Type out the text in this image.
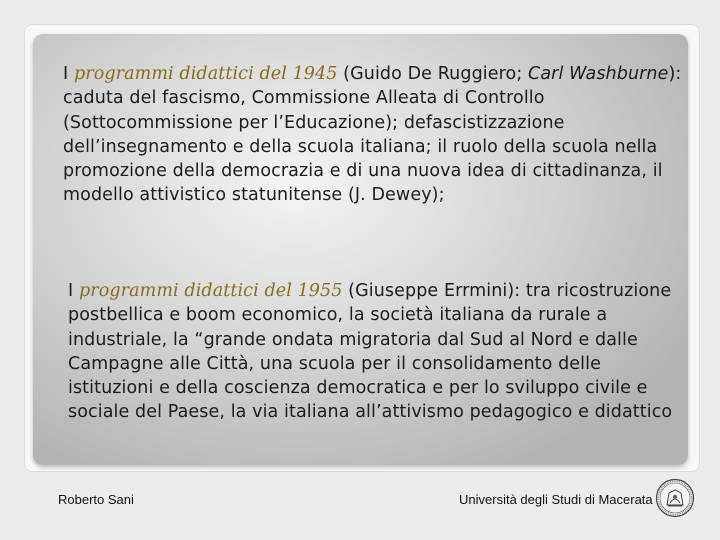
I programmi didattici del 1945 (Guido De Ruggiero; Carl Washburne): caduta del fascismo, Commissione Alleata di Controllo (Sottocommissione per l’Educazione); defascistizzazione dell’insegnamento e della scuola italiana; il ruolo della scuola nella promozione della democrazia e di una nuova idea di cittadinanza, il modello attivistico statunitense (J. Dewey);

I programmi didattici del 1955 (Giuseppe Errmini): tra ricostruzione postbellica e boom economico, la società italiana da rurale a industriale, la “grande ondata migratoria dal Sud al Nord e dalle Campagne alle Città, una scuola per il consolidamento delle istituzioni e della coscienza democratica e per lo sviluppo civile e sociale del Paese, la via italiana all’attivismo pedagogico e didattico

Roberto Sani	Università degli Studi di Macerata
